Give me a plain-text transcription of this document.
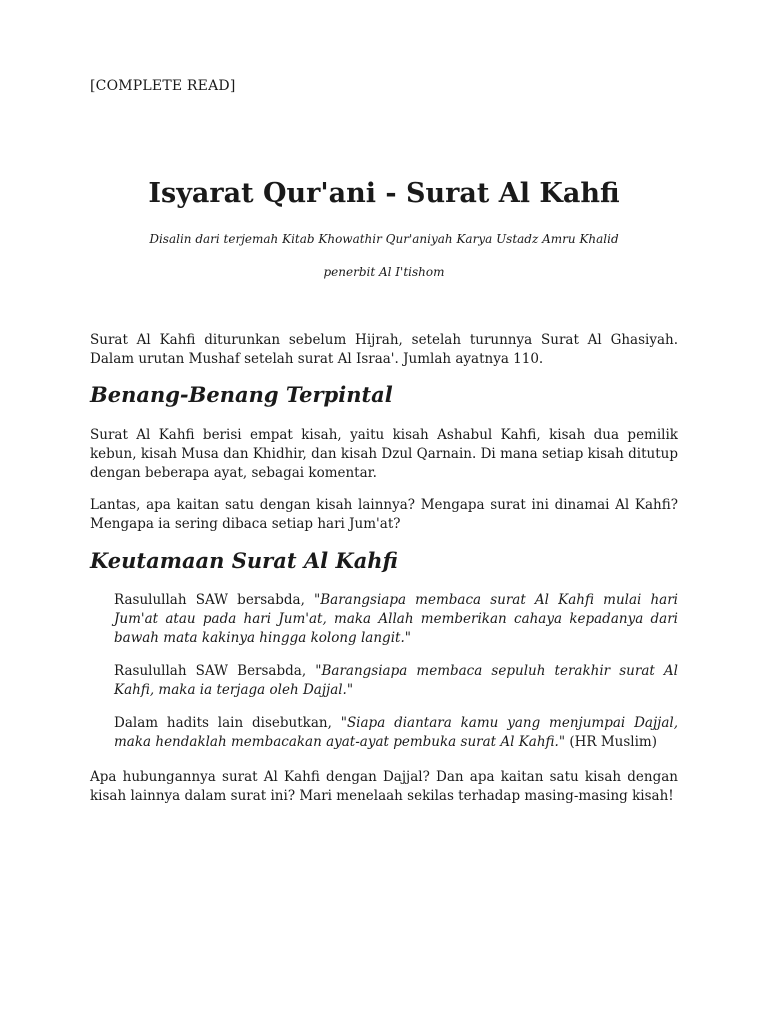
[COMPLETE READ]
Isyarat Qur'ani - Surat Al Kahfi

Disalin dari terjemah Kitab Khowathir Qur'aniyah Karya Ustadz Amru Khalid

penerbit Al I'tishom

Surat Al Kahfi diturunkan sebelum Hijrah, setelah turunnya Surat Al Ghasiyah. Dalam urutan Mushaf setelah surat Al Israa'. Jumlah ayatnya 110.

Benang-Benang Terpintal

Surat Al Kahfi berisi empat kisah, yaitu kisah Ashabul Kahfi, kisah dua pemilik kebun, kisah Musa dan Khidhir, dan kisah Dzul Qarnain. Di mana setiap kisah ditutup dengan beberapa ayat, sebagai komentar.

Lantas, apa kaitan satu dengan kisah lainnya? Mengapa surat ini dinamai Al Kahfi? Mengapa ia sering dibaca setiap hari Jum'at?

Keutamaan Surat Al Kahfi

Rasulullah SAW bersabda, "Barangsiapa membaca surat Al Kahfi mulai hari Jum'at atau pada hari Jum'at, maka Allah memberikan cahaya kepadanya dari bawah mata kakinya hingga kolong langit."

Rasulullah SAW Bersabda, "Barangsiapa membaca sepuluh terakhir surat Al Kahfi, maka ia terjaga oleh Dajjal."

Dalam hadits lain disebutkan, "Siapa diantara kamu yang menjumpai Dajjal, maka hendaklah membacakan ayat-ayat pembuka surat Al Kahfi." (HR Muslim)

Apa hubungannya surat Al Kahfi dengan Dajjal? Dan apa kaitan satu kisah dengan kisah lainnya dalam surat ini? Mari menelaah sekilas terhadap masing-masing kisah!
